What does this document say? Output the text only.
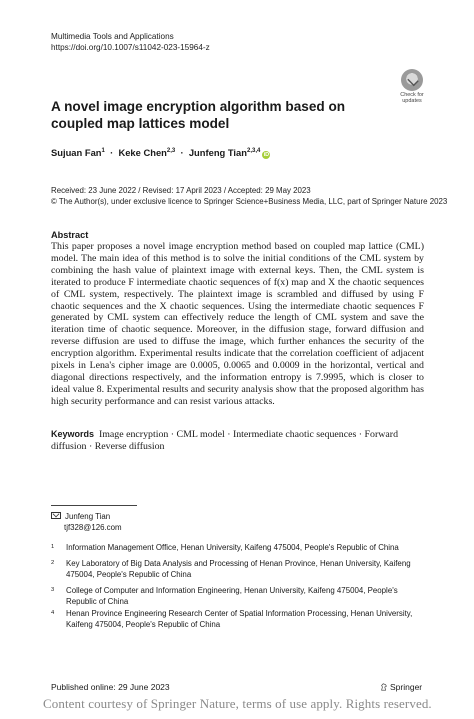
Multimedia Tools and Applications
https://doi.org/10.1007/s11042-023-15964-z
Check for
updates
A novel image encryption algorithm based on coupled map lattices model
Sujuan Fan$^1$ · Keke Chen$^{2,3}$ · Junfeng Tian$^{2,3,4}$iD
Received: 23 June 2022 / Revised: 17 April 2023 / Accepted: 29 May 2023
© The Author(s), under exclusive licence to Springer Science+Business Media, LLC, part of Springer Nature 2023
Abstract
This paper proposes a novel image encryption method based on coupled map lattice (CML) model. The main idea of this method is to solve the initial conditions of the CML system by combining the hash value of plaintext image with external keys. Then, the CML system is iterated to produce F intermediate chaotic sequences of f(x) map and X the chaotic sequences of CML system, respectively. The plaintext image is scrambled and diffused by using F chaotic sequences and the X chaotic sequences. Using the intermediate chaotic sequences F generated by CML system can effectively reduce the length of CML system and save the iteration time of chaotic sequence. Moreover, in the diffusion stage, forward diffusion and reverse diffusion are used to diffuse the image, which further enhances the security of the encryption algorithm. Experimental results indicate that the correlation coefficient of adjacent pixels in Lena's cipher image are 0.0005, 0.0065 and 0.0009 in the horizontal, vertical and diagonal directions respectively, and the information entropy is 7.9995, which is closer to ideal value 8. Experimental results and security analysis show that the proposed algorithm has high security performance and can resist various attacks.
Keywords Image encryption · CML model · Intermediate chaotic sequences · Forward diffusion · Reverse diffusion
Junfeng Tian
tjf328@126.com
1 Information Management Office, Henan University, Kaifeng 475004, People's Republic of China
2 Key Laboratory of Big Data Analysis and Processing of Henan Province, Henan University, Kaifeng 475004, People's Republic of China
3 College of Computer and Information Engineering, Henan University, Kaifeng 475004, People's Republic of China
4 Henan Province Engineering Research Center of Spatial Information Processing, Henan University, Kaifeng 475004, People's Republic of China
Published online: 29 June 2023	Springer
Content courtesy of Springer Nature, terms of use apply. Rights reserved.
